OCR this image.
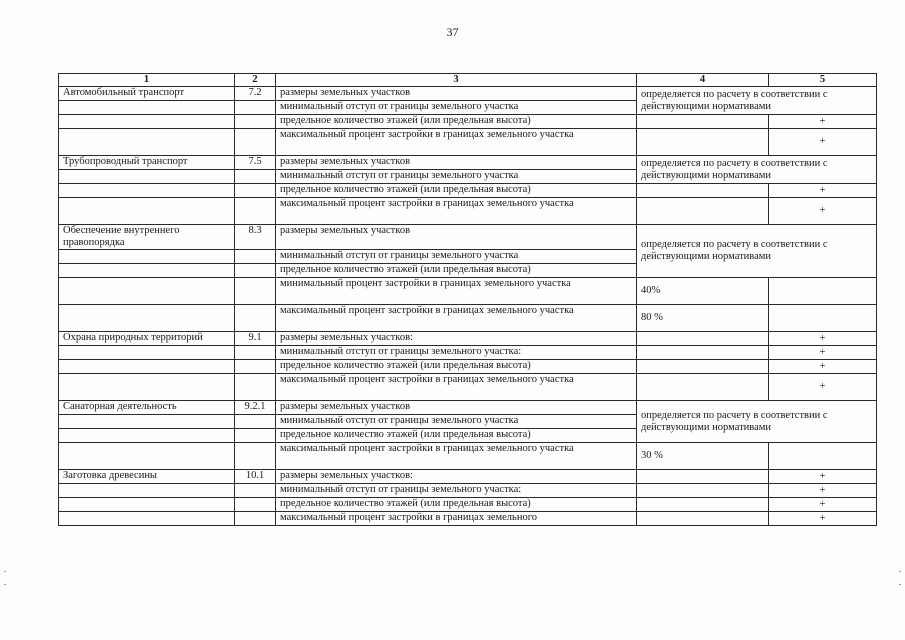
37
1	2	3	4	5
Автомобильный транспорт	7.2	размеры земельных участков	определяется по расчету в соответствии с действующими нормативами	
		минимальный отступ от границы земельного участка		
		предельное количество этажей (или предельная высота)		+
		максимальный процент застройки в границах земельного участка		+
Трубопроводный транспорт	7.5	размеры земельных участков	определяется по расчету в соответствии с действующими нормативами	
		минимальный отступ от границы земельного участка		
		предельное количество этажей (или предельная высота)		+
		максимальный процент застройки в границах земельного участка		+
Обеспечение внутреннего правопорядка	8.3	размеры земельных участков	определяется по расчету в соответствии с действующими нормативами	
		минимальный отступ от границы земельного участка		
		предельное количество этажей (или предельная высота)		
		минимальный процент застройки в границах земельного участка	40%	
		максимальный процент застройки в границах земельного участка	80 %	
Охрана природных территорий	9.1	размеры земельных участков:		+
		минимальный отступ от границы земельного участка:		+
		предельное количество этажей (или предельная высота)		+
		максимальный процент застройки в границах земельного участка		+
Санаторная деятельность	9.2.1	размеры земельных участков	определяется по расчету в соответствии с действующими нормативами	
		минимальный отступ от границы земельного участка		
		предельное количество этажей (или предельная высота)		
		максимальный процент застройки в границах земельного участка	30 %	
Заготовка древесины	10.1	размеры земельных участков:		+
		минимальный отступ от границы земельного участка:		+
		предельное количество этажей (или предельная высота)		+
		максимальный процент застройки в границах земельного		+
